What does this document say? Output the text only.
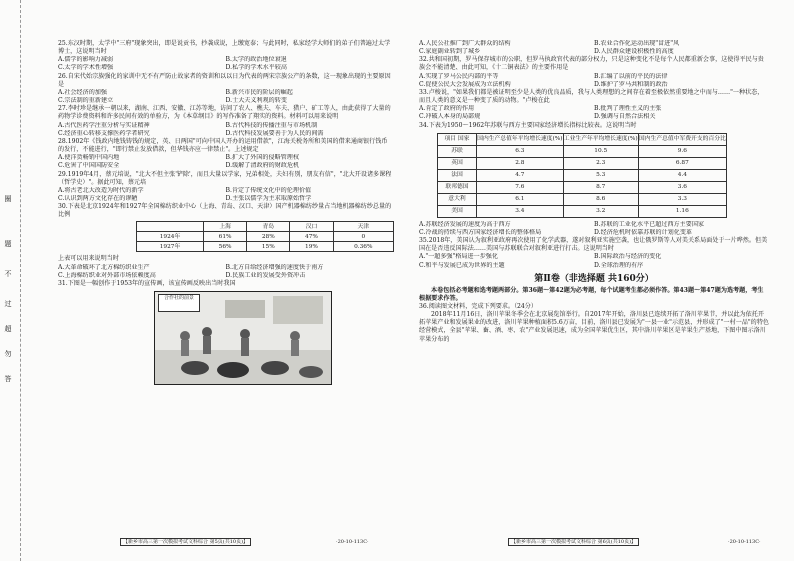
圈
题
不
过
超
勿
答

25.东汉时期，太学中"三府"现象突出，即是说贡书，抄袭成说，上缴宽泰；与此同时，私家经学大师们的弟子们普遍过太学博士，这说明当时

A.儒学的影响力减弱	B.太学的政治地位衰退
C.太学的学术性增强	D.私学的学术水平较高

26.自宋代始宗族强化的家训中无不有严防止故家者的资训和以以日为代表的两宋宗族公产的条数，这一现象出现的主要原因是

A.社会经济的加强	B.新兴市民的阶层的崛起
C.宗法制的重新建立	D.士大夫义利观的转变

27.李时珍是继承一朝以来，湖南、江西、安徽、江苏等地，访问了农人、樵夫、车夫、猎户、矿工等人，由此获得了大量的药物学诊费资料和许多民间有效的单验方，为《本草纲目》的写作准备了翔实的资料。材料可以用来说明

A.古代医药学注重分析与实证精神	B.古代科技的传播注重与市场机制
C.经济重心转移支撑医药学者研究	D.古代科技发展要善于为人民的间需

28.1902年《钱政内地钱铸钱的规定，英、日两国"可向中国人开办的运用借款"，江海关税务所和美国的借来通商银行钱币的发行，不能进行，"即行禁止发放借款，但华钱亦应一律禁止"。上述规定

A.使洋货畅销中国内地	B.扩大了外国的侵略管理权
C.危害了中国国防安全	D.缓解了清政府的财政危机

29.1919年4月，蔡元培说，"北大不但主张'铲除'，而且大量以学家，兄弟相处，夫妇有别，朋友有信"，"北大开设诸多课程（哲学史）"。据此可知，蔡元培

A.将古老北大改造为时代的新学	B.肯定了传统文化中的伦理价值
C.认识到两方文化存在的谬陋	D.主张以儒学为主求取原始哲学

30.下表是北京1924年和1927年全国棉纺织业中心（上海、青岛、汉口、天津）国产机器棉纺纱量占当地机器棉纺纱总量的比例

	上海	青岛	汉口	天津
1924年	61%	28%	47%	0
1927年	56%	15%	19%	0.36%

上表可以用来说明当时

A.大革命破坏了北方棉纺织业生产	B.北方自给经济增强的速度快于南方
C.上海棉纺织业对外部市场依赖度高	D.民族工业的发展受外资冲击

31.下图是一幅创作于1953年的宣传画，该宣传画反映出当时我国

合作社的前景
A.人民公社推广到广大群众的结构	B.农业合作化运动出现"冒进"风
C.家庭副业转到了城乡	D.人民群众建设积极性的高度

32.共和国初期，罗马保存城市的公职，但罗马执政官代表的部分权力，只是这种变化不是每个人民都重新会事，这使得平民与贵族会不能清楚、由此可知，《十二铜表法》的主要作用是

A.实现了罗马公民内部的平等	B.汇编了以前的平民的法律
C.促使公民大会发展成为立法机构	D.维护了罗马共和制的政治

33.卢梭说，"如果我们都是被证明至少是人类的优良品质，我与人类理想的之间存在着至极依然重要地之中而与……"一种状态，而且人类的意义是一种变了质的动物。"卢梭在此

A.肯定了政府的作用	B.批判了理性主义的主张
C.冲破人本身的局部规	D.强调与自然合法相关

34.下表为1950～1962年苏联与西方主要国家经济增长指标比较表。这说明当时

项目 国家	国内生产总值年平均增长速度(%)	工业生产年平均增长速度(%)	国内生产总值中军费开支的百分比
苏联	6.3	10.5	9.6
英国	2.8	2.3	6.87
法国	4.7	5.3	4.4
联邦德国	7.6	8.7	3.6
意大利	6.1	8.6	3.3
美国	3.4	3.2	1.16
A.苏联经济发展的速度为高于西方	B.苏联的工业化水平已超过西方主要国家
C.冷战的持续与西方国家经济增长的整体格局	D.经济危机时依靠苏联的计划化变革

35.2018年，美国认为叙利亚政府再次使用了化学武器，遂对叙利亚实施空袭，也让俄罗斯等人对美关系局面处于一片哗然。但美国在是否违反国际法……美国与苏联联合对叙利亚进行打击。这说明当时

A."一超多强"格局进一步强化	B.国际政治与经济的变化
C.和平与发展已成为世界的主题	D.全球治理的有序
第Ⅱ卷（非选择题 共160分）

本卷包括必考题和选考题两部分。第36题～第42题为必考题，每个试题考生都必须作答。第43题～第47题为选考题，考生根据要求作答。

36.阅读图文材料，完成下列要求。（24分）

2018年11月16日，洛川苹果冬季会在北京展览馆举行。自2017年开始，洛川县已连续开拓了洛川苹果节，并以此为依托开拓苹果产业和发展果业的改进，洛川苹果种植面积5.6万亩，目前，洛川县已发展为"一县一业"示范县，并形成了"一村一品"的特色经营模式，全县"苹果、畜、酒、枣、农"产业发展迅速，成为全国苹果优生区，其中洛川苹果区是苹果生产基地，下图中图示洛川苹果分布的

【新乡市高三第一次模拟考试文科综合 第5页(共10页)】	·20-10-113C·	【新乡市高三第一次模拟考试文科综合 第6页(共10页)】	·20-10-113C·
